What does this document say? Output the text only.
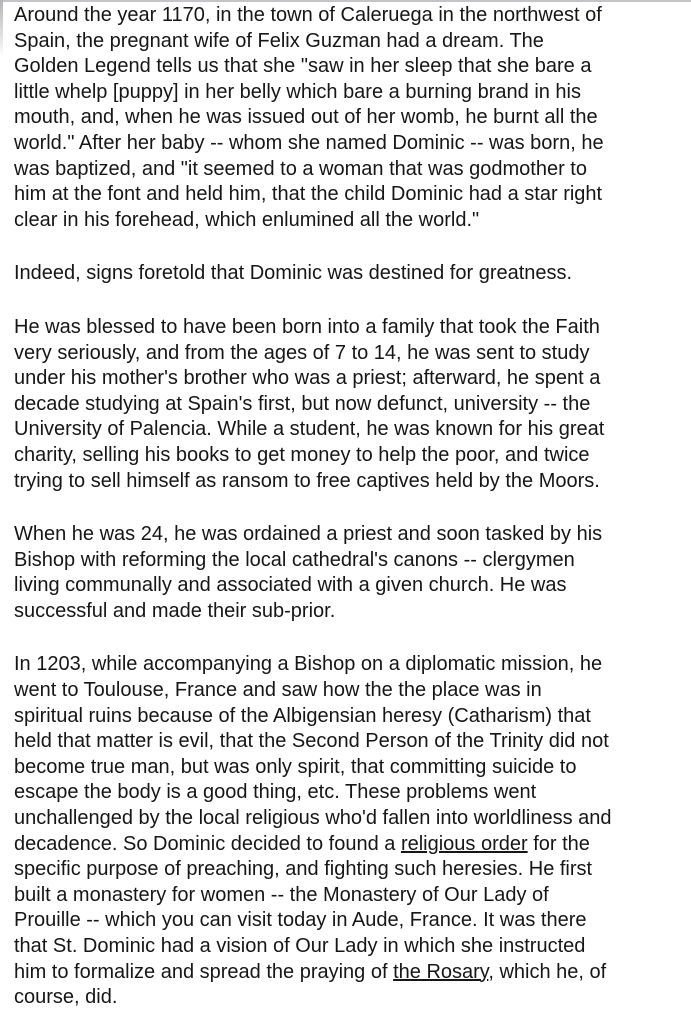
Around the year 1170, in the town of Caleruega in the northwest of
Spain, the pregnant wife of Felix Guzman had a dream. The
Golden Legend tells us that she "saw in her sleep that she bare a
little whelp [puppy] in her belly which bare a burning brand in his
mouth, and, when he was issued out of her womb, he burnt all the
world." After her baby -- whom she named Dominic -- was born, he
was baptized, and "it seemed to a woman that was godmother to
him at the font and held him, that the child Dominic had a star right
clear in his forehead, which enlumined all the world."

Indeed, signs foretold that Dominic was destined for greatness.

He was blessed to have been born into a family that took the Faith
very seriously, and from the ages of 7 to 14, he was sent to study
under his mother's brother who was a priest; afterward, he spent a
decade studying at Spain's first, but now defunct, university -- the
University of Palencia. While a student, he was known for his great
charity, selling his books to get money to help the poor, and twice
trying to sell himself as ransom to free captives held by the Moors.

When he was 24, he was ordained a priest and soon tasked by his
Bishop with reforming the local cathedral's canons -- clergymen
living communally and associated with a given church. He was
successful and made their sub-prior.

In 1203, while accompanying a Bishop on a diplomatic mission, he
went to Toulouse, France and saw how the the place was in
spiritual ruins because of the Albigensian heresy (Catharism) that
held that matter is evil, that the Second Person of the Trinity did not
become true man, but was only spirit, that committing suicide to
escape the body is a good thing, etc. These problems went
unchallenged by the local religious who'd fallen into worldliness and
decadence. So Dominic decided to found a religious order for the
specific purpose of preaching, and fighting such heresies. He first
built a monastery for women -- the Monastery of Our Lady of
Prouille -- which you can visit today in Aude, France. It was there
that St. Dominic had a vision of Our Lady in which she instructed
him to formalize and spread the praying of the Rosary, which he, of
course, did.
